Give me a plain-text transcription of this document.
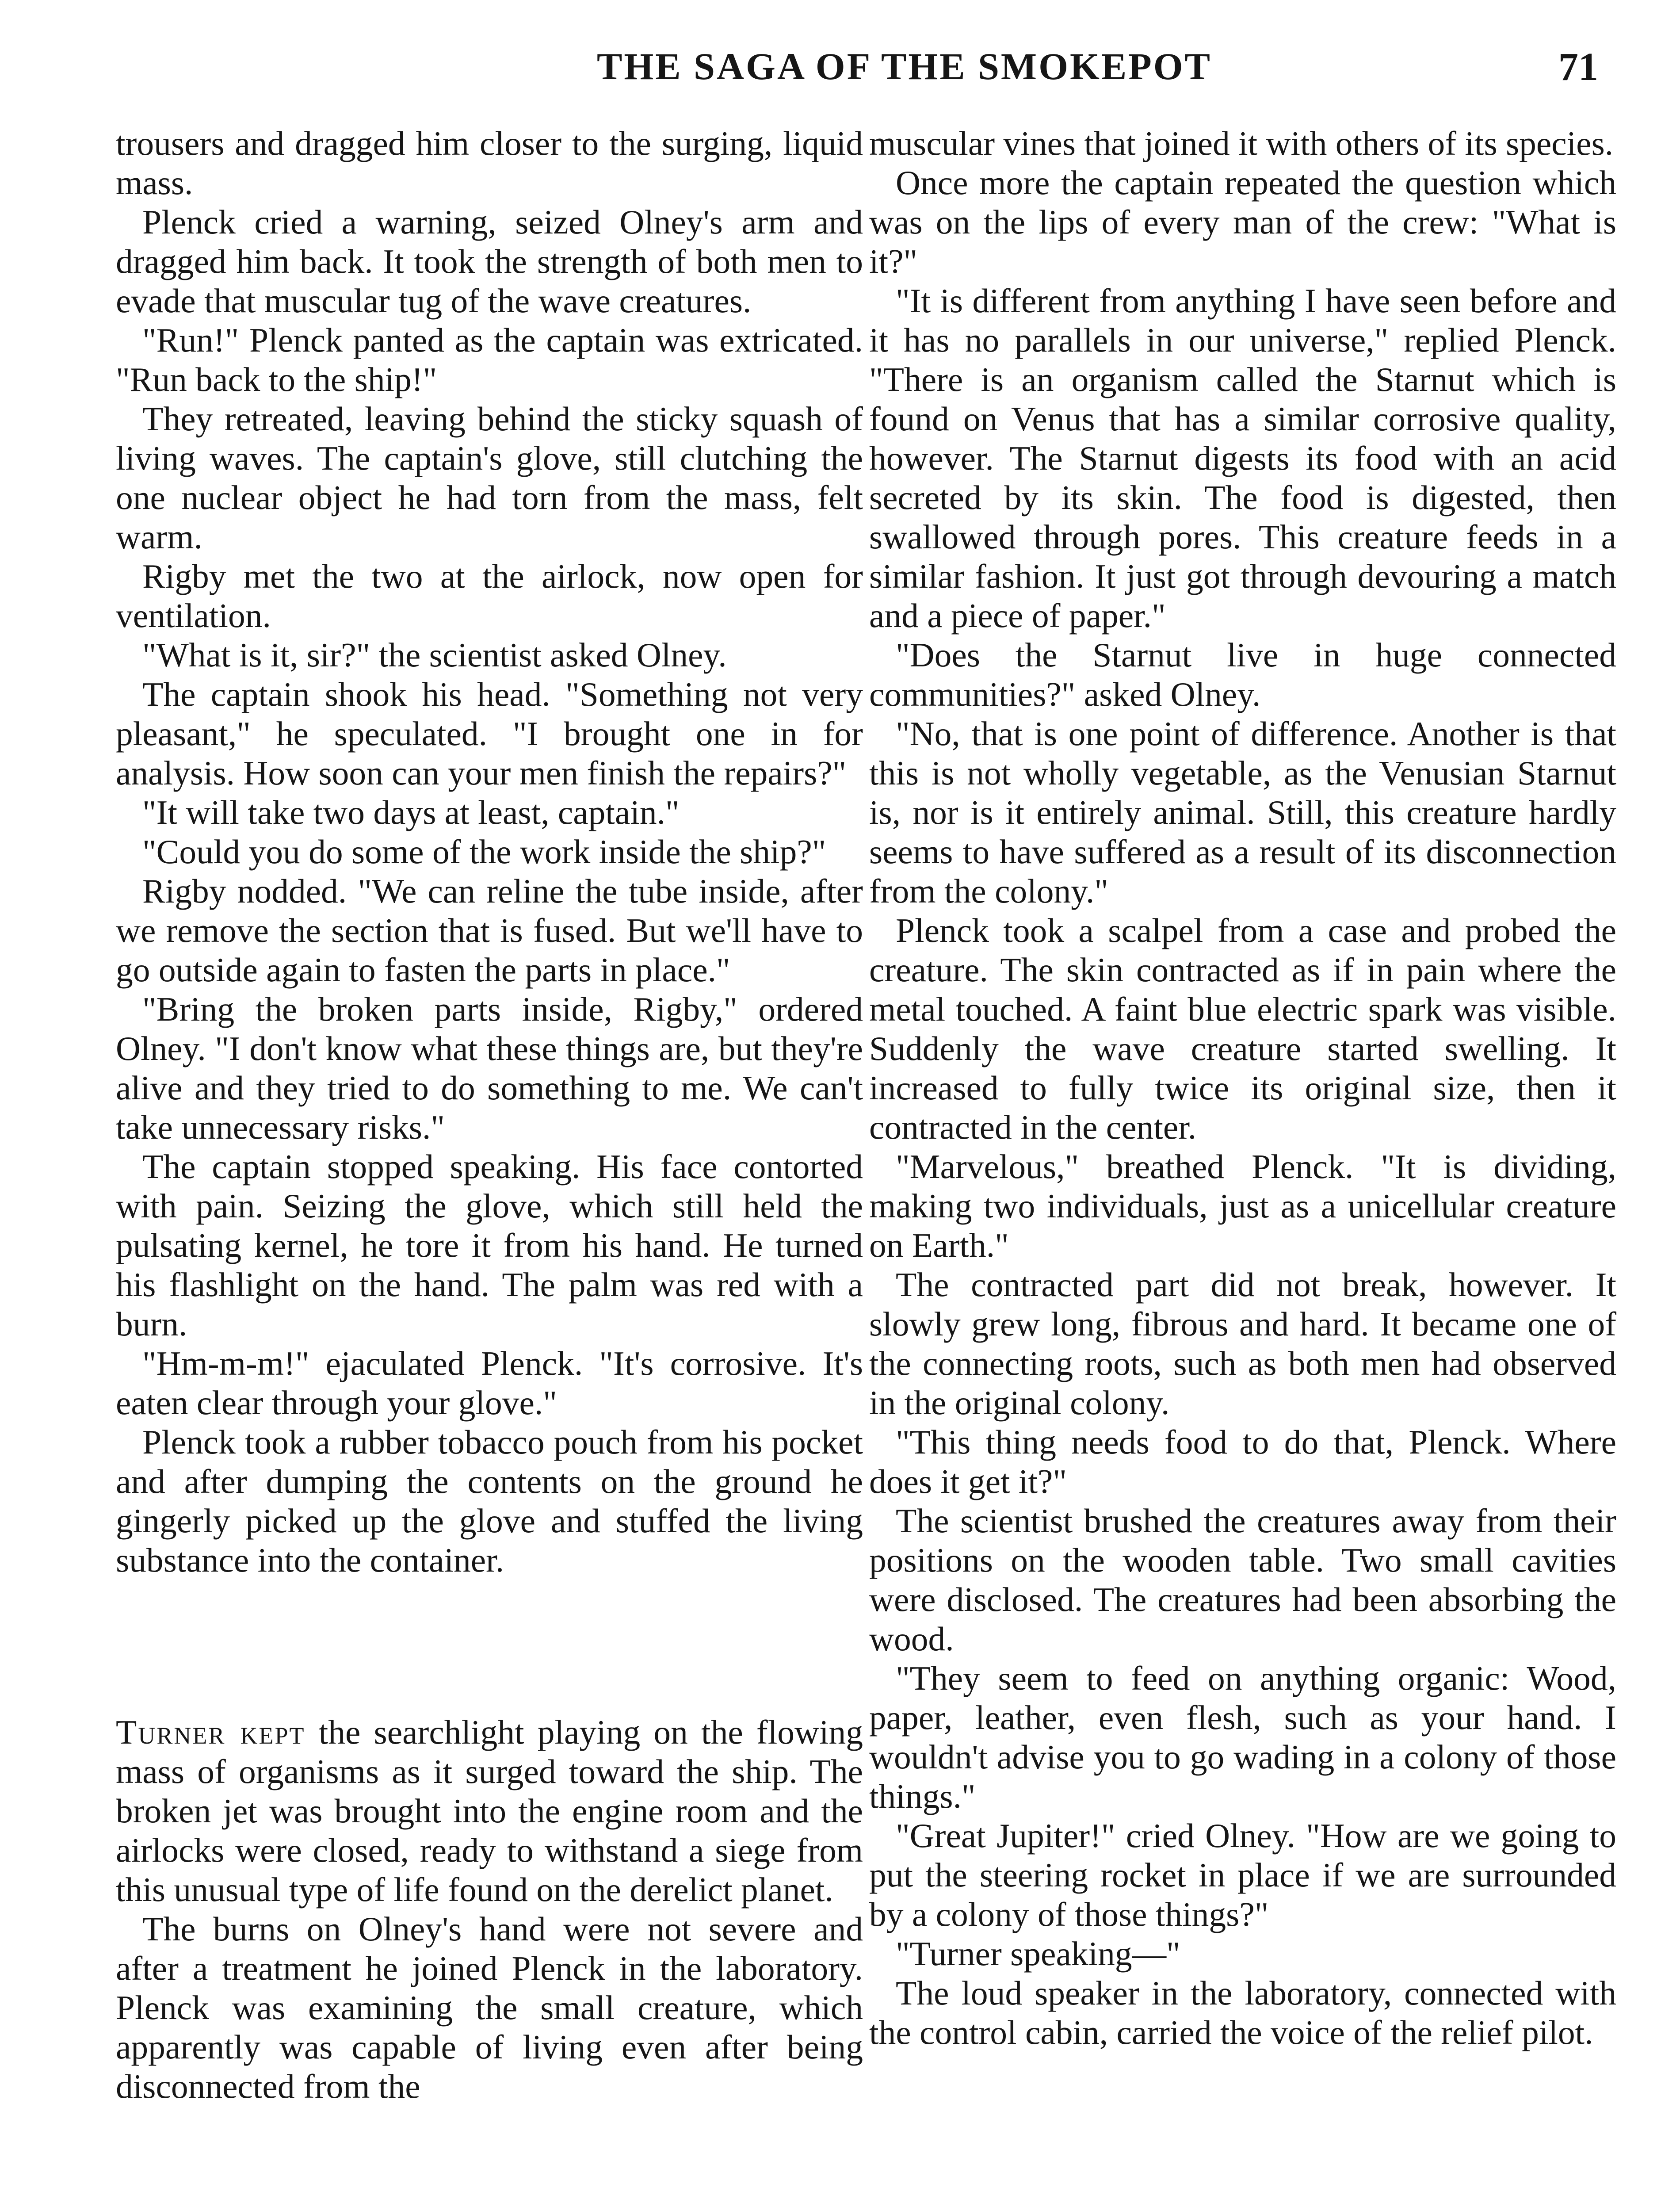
THE SAGA OF THE SMOKEPOT	71

trousers and dragged him closer to the surging, liquid mass.

Plenck cried a warning, seized Olney's arm and dragged him back. It took the strength of both men to evade that muscular tug of the wave creatures.

"Run!" Plenck panted as the captain was extricated. "Run back to the ship!"

They retreated, leaving behind the sticky squash of living waves. The captain's glove, still clutching the one nuclear object he had torn from the mass, felt warm.

Rigby met the two at the airlock, now open for ventilation.

"What is it, sir?" the scientist asked Olney.

The captain shook his head. "Something not very pleasant," he speculated. "I brought one in for analysis. How soon can your men finish the repairs?"

"It will take two days at least, captain."

"Could you do some of the work inside the ship?"

Rigby nodded. "We can reline the tube inside, after we remove the section that is fused. But we'll have to go outside again to fasten the parts in place."

"Bring the broken parts inside, Rigby," ordered Olney. "I don't know what these things are, but they're alive and they tried to do something to me. We can't take unnecessary risks."

The captain stopped speaking. His face contorted with pain. Seizing the glove, which still held the pulsating kernel, he tore it from his hand. He turned his flashlight on the hand. The palm was red with a burn.

"Hm-m-m!" ejaculated Plenck. "It's corrosive. It's eaten clear through your glove."

Plenck took a rubber tobacco pouch from his pocket and after dumping the contents on the ground he gingerly picked up the glove and stuffed the living substance into the container.

Turner kept the searchlight playing on the flowing mass of organisms as it surged toward the ship. The broken jet was brought into the engine room and the airlocks were closed, ready to withstand a siege from this unusual type of life found on the derelict planet.

The burns on Olney's hand were not severe and after a treatment he joined Plenck in the laboratory. Plenck was examining the small creature, which apparently was capable of living even after being disconnected from the

muscular vines that joined it with others of its species.

Once more the captain repeated the question which was on the lips of every man of the crew: "What is it?"

"It is different from anything I have seen before and it has no parallels in our universe," replied Plenck. "There is an organism called the Starnut which is found on Venus that has a similar corrosive quality, however. The Starnut digests its food with an acid secreted by its skin. The food is digested, then swallowed through pores. This creature feeds in a similar fashion. It just got through devouring a match and a piece of paper."

"Does the Starnut live in huge connected communities?" asked Olney.

"No, that is one point of difference. Another is that this is not wholly vegetable, as the Venusian Starnut is, nor is it entirely animal. Still, this creature hardly seems to have suffered as a result of its disconnection from the colony."

Plenck took a scalpel from a case and probed the creature. The skin contracted as if in pain where the metal touched. A faint blue electric spark was visible. Suddenly the wave creature started swelling. It increased to fully twice its original size, then it contracted in the center.

"Marvelous," breathed Plenck. "It is dividing, making two individuals, just as a unicellular creature on Earth."

The contracted part did not break, however. It slowly grew long, fibrous and hard. It became one of the connecting roots, such as both men had observed in the original colony.

"This thing needs food to do that, Plenck. Where does it get it?"

The scientist brushed the creatures away from their positions on the wooden table. Two small cavities were disclosed. The creatures had been absorbing the wood.

"They seem to feed on anything organic: Wood, paper, leather, even flesh, such as your hand. I wouldn't advise you to go wading in a colony of those things."

"Great Jupiter!" cried Olney. "How are we going to put the steering rocket in place if we are surrounded by a colony of those things?"

"Turner speaking—"

The loud speaker in the laboratory, connected with the control cabin, carried the voice of the relief pilot.
